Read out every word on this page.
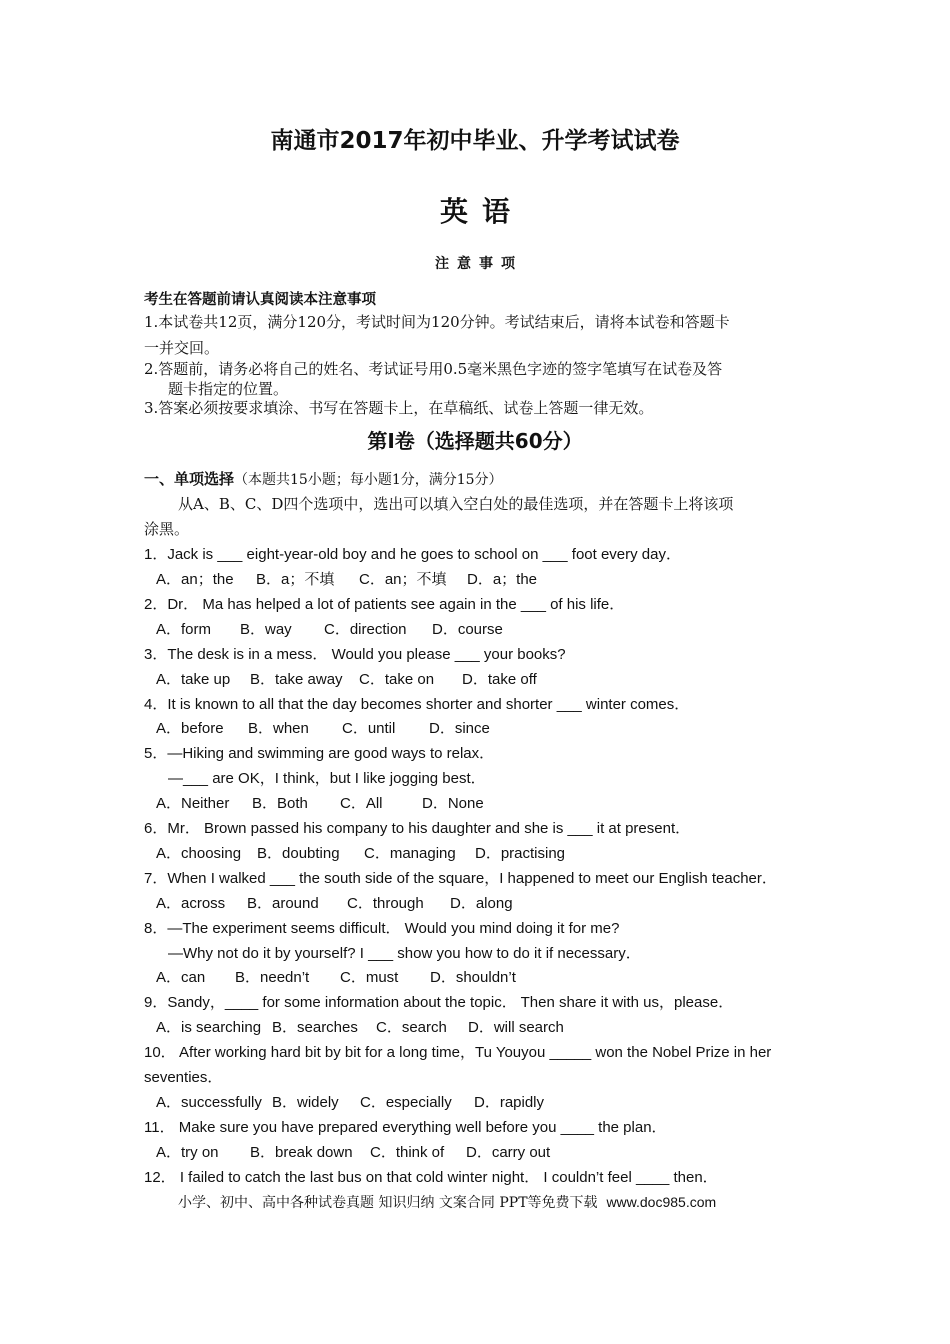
南通市2017年初中毕业、升学考试试卷
英语
注意事项
考生在答题前请认真阅读本注意事项
1.本试卷共12页，满分120分，考试时间为120分钟。考试结束后，请将本试卷和答题卡
一并交回。
2.答题前，请务必将自己的姓名、考试证号用0.5毫米黑色字迹的签字笔填写在试卷及答
题卡指定的位置。
3.答案必须按要求填涂、书写在答题卡上，在草稿纸、试卷上答题一律无效。
第Ⅰ卷（选择题共60分）
一、单项选择（本题共15小题；每小题1分，满分15分）
从A、B、C、D四个选项中，选出可以填入空白处的最佳选项，并在答题卡上将该项
涂黑。
1．Jack is ___ eight-year-old boy and he goes to school on ___ foot every day．
A．an；the B．a；不填 C．an；不填 D．a；the
2．Dr． Ma has helped a lot of patients see again in the ___ of his life．
A．form B．way C．direction D．course
3．The desk is in a mess． Would you please ___ your books?
A．take up B．take away C．take on D．take off
4．It is known to all that the day becomes shorter and shorter ___ winter comes．
A．before B．when C．until D．since
5．—Hiking and swimming are good ways to relax．
—___ are OK，I think，but I like jogging best．
A．Neither B．Both C．All	D．None
6．Mr． Brown passed his company to his daughter and she is ___ it at present．
A．choosing B．doubting C．managing D．practising
7．When I walked ___ the south side of the square，I happened to meet our English teacher．
A．across B．around C．through D．along
8．—The experiment seems difficult． Would you mind doing it for me?
—Why not do it by yourself? I ___ show you how to do it if necessary．
A．can B．needn’t C．must D．shouldn’t
9．Sandy，____ for some information about the topic． Then share it with us，please．
A．is searching B．searches C．search D．will search
10． After working hard bit by bit for a long time，Tu Youyou _____ won the Nobel Prize in her
seventies．
A．successfully B．widely C．especially D．rapidly
11． Make sure you have prepared everything well before you ____ the plan．
A．try on B．break down C．think of D．carry out
12． I failed to catch the last bus on that cold winter night． I couldn’t feel ____ then．
小学、初中、高中各种试卷真题 知识归纳 文案合同 PPT等免费下载 www.doc985.com
